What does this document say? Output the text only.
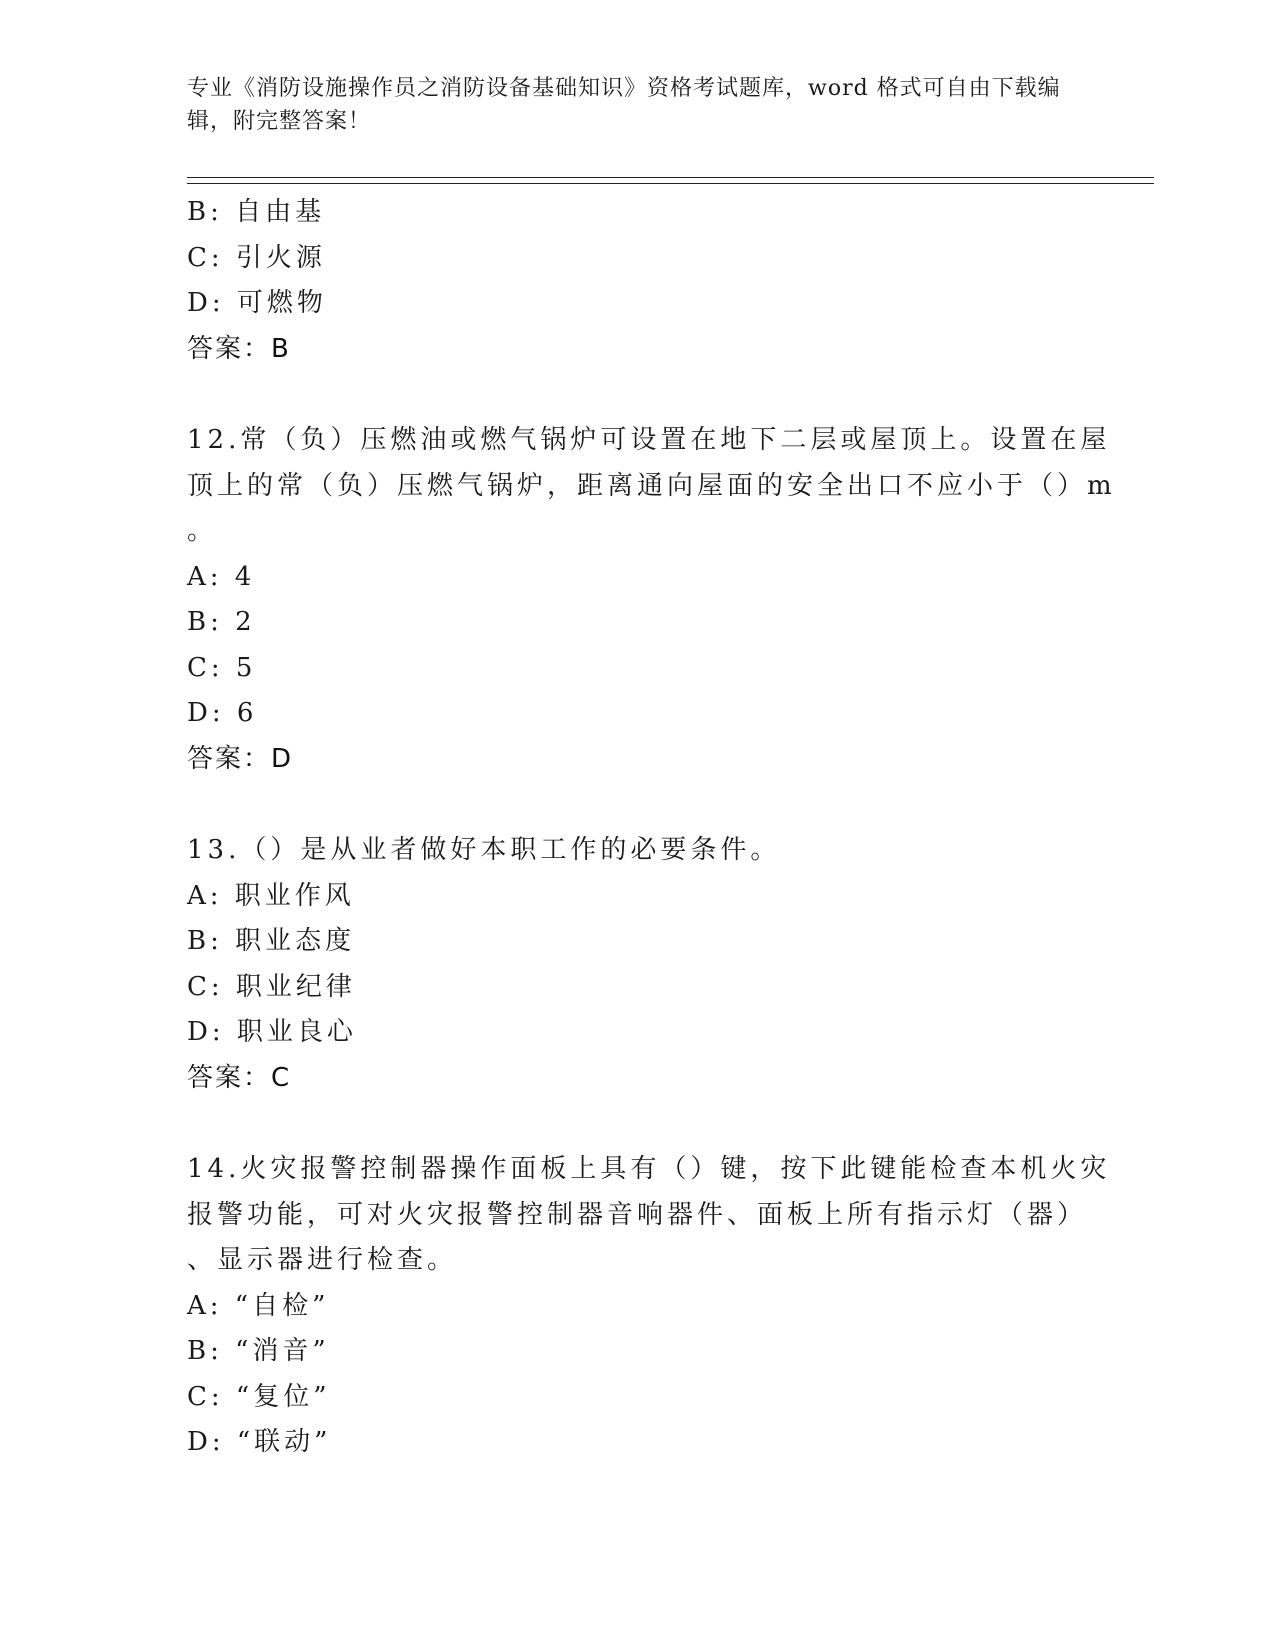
专业《消防设施操作员之消防设备基础知识》资格考试题库，word 格式可自由下载编辑，附完整答案！
B: 自由基
C: 引火源
D: 可燃物
答案：B
12.常（负）压燃油或燃气锅炉可设置在地下二层或屋顶上。设置在屋
顶上的常（负）压燃气锅炉，距离通向屋面的安全出口不应小于（）m
。
A: 4
B: 2
C: 5
D: 6
答案：D
13.（）是从业者做好本职工作的必要条件。
A: 职业作风
B: 职业态度
C: 职业纪律
D: 职业良心
答案：C
14.火灾报警控制器操作面板上具有（）键，按下此键能检查本机火灾
报警功能，可对火灾报警控制器音响器件、面板上所有指示灯（器）
、显示器进行检查。
A: “自检”
B: “消音”
C: “复位”
D: “联动”
